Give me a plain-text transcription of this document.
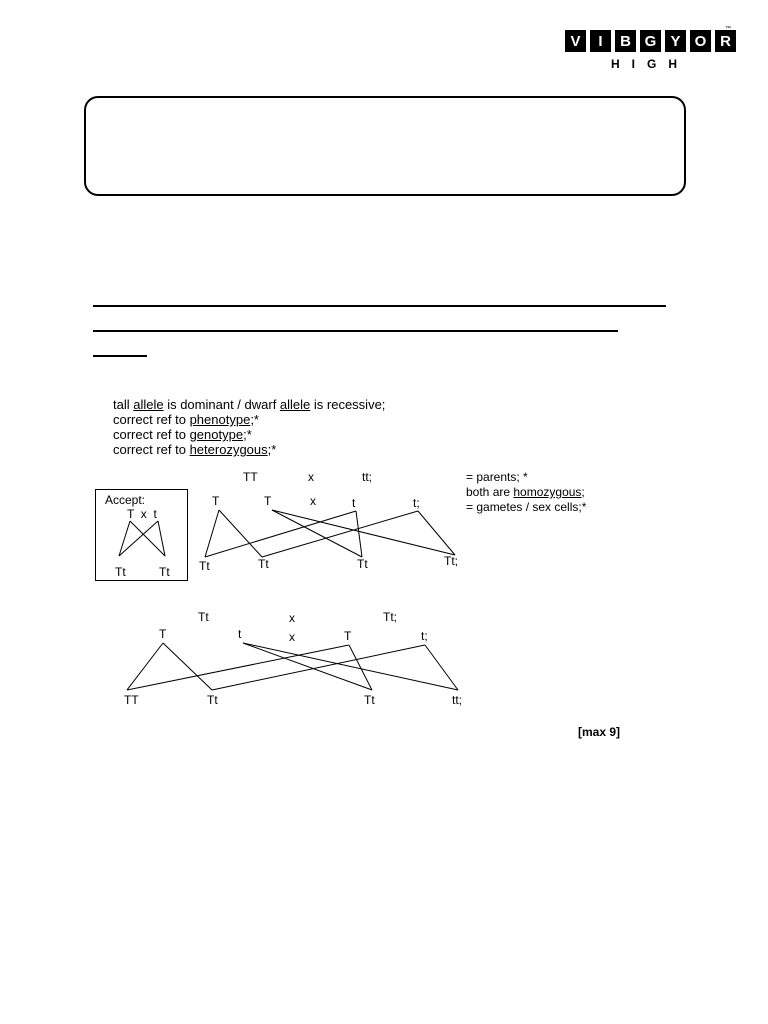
V	I	B G Y O R
™
HIGH
tall allele is dominant / dwarf allele is recessive;
correct ref to phenotype;*
correct ref to genotype;*
correct ref to heterozygous;*
TT	x	tt;	= parents; *
both are homozygous;
= gametes / sex cells;*
T	T	x	t	t;
Tt	Tt	Tt	Tt;
Accept:
T  x  t
Tt	Tt
Tt	x	Tt;
T	t	x	T	t;
TT	Tt	Tt	tt;
[max 9]
